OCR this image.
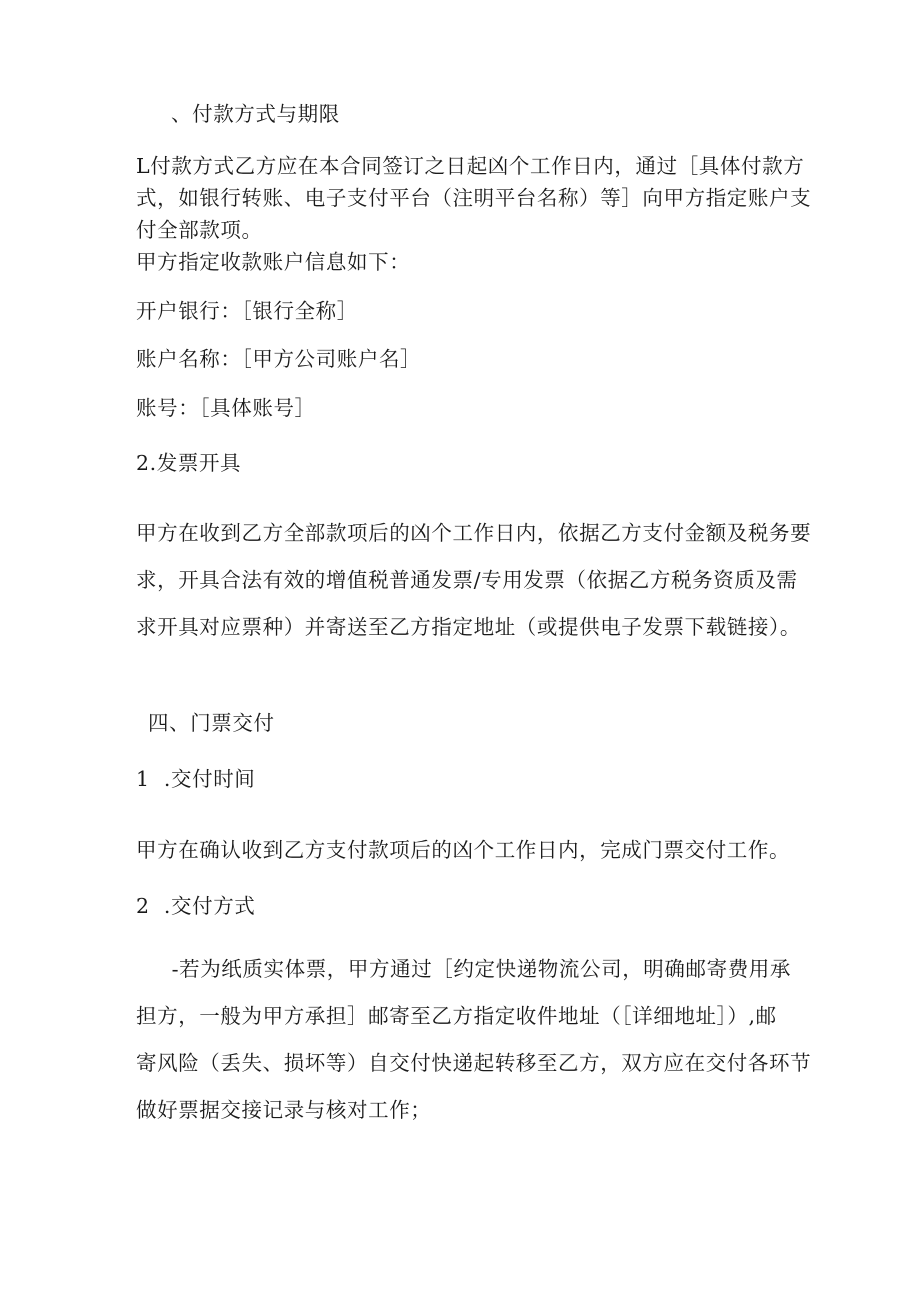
、付款方式与期限
L付款方式乙方应在本合同签订之日起凶个工作日内，通过［具体付款方
式，如银行转账、电子支付平台（注明平台名称）等］向甲方指定账户支
付全部款项。
甲方指定收款账户信息如下：
开户银行：［银行全称］
账户名称：［甲方公司账户名］
账号：［具体账号］
2.发票开具
甲方在收到乙方全部款项后的凶个工作日内，依据乙方支付金额及税务要
求，开具合法有效的增值税普通发票/专用发票（依据乙方税务资质及需
求开具对应票种）并寄送至乙方指定地址（或提供电子发票下载链接）。
四、门票交付
1  .交付时间
甲方在确认收到乙方支付款项后的凶个工作日内，完成门票交付工作。
2  .交付方式
-若为纸质实体票，甲方通过［约定快递物流公司，明确邮寄费用承
担方，一般为甲方承担］邮寄至乙方指定收件地址（［详细地址］）,邮
寄风险（丢失、损坏等）自交付快递起转移至乙方，双方应在交付各环节
做好票据交接记录与核对工作；
